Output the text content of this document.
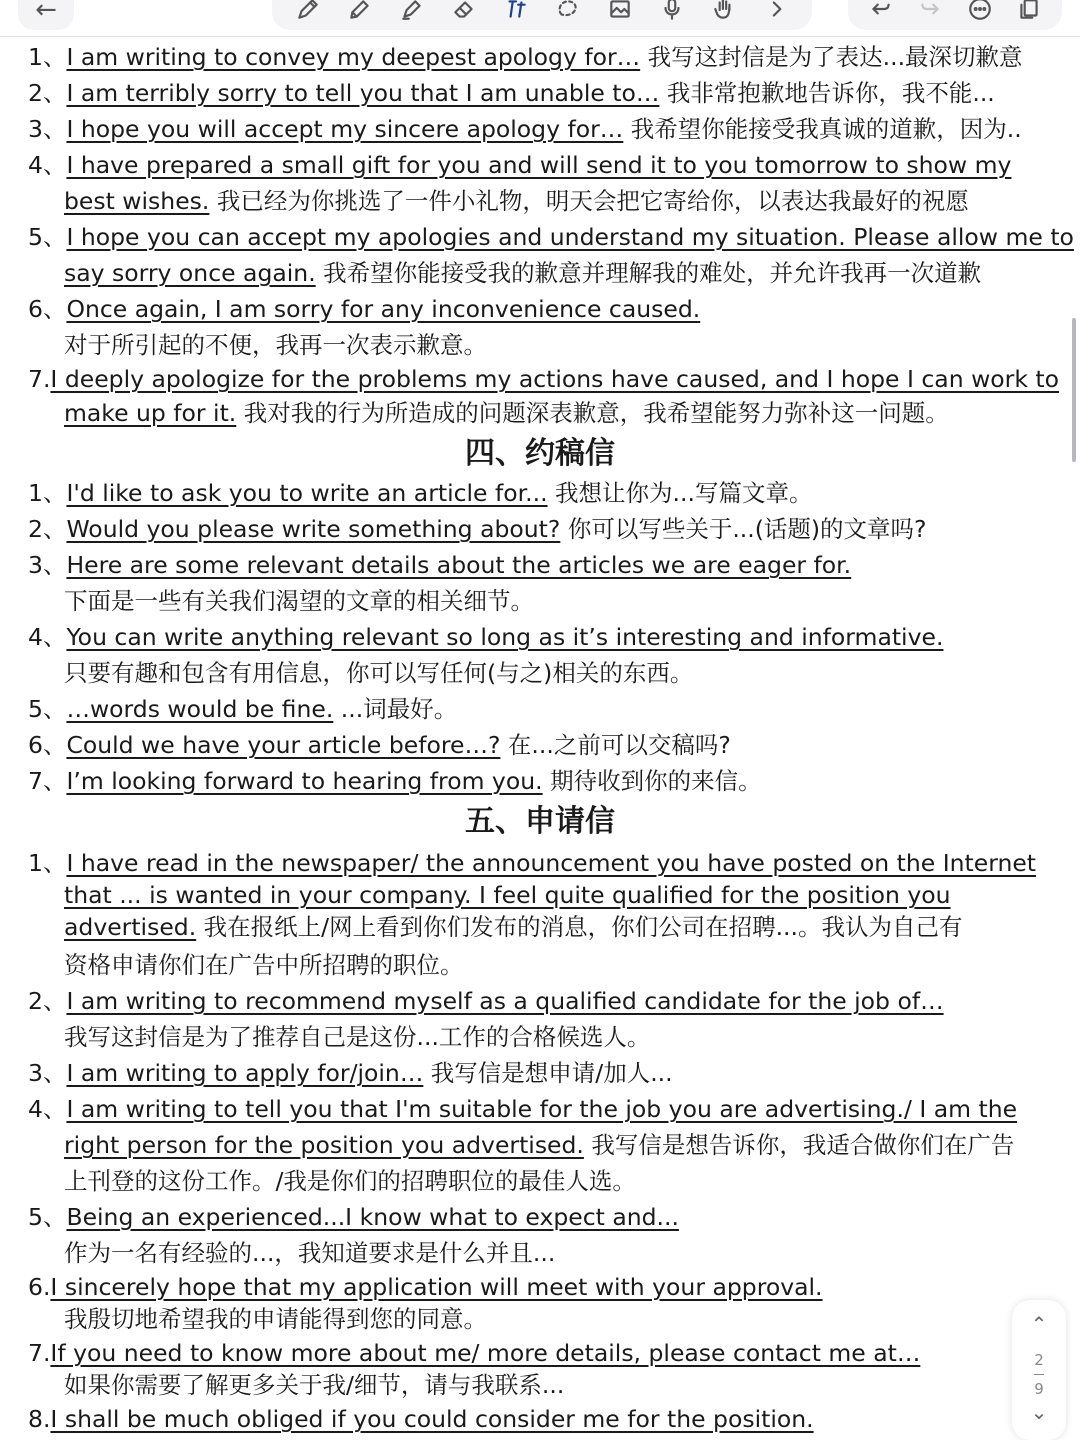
←
1、I am writing to convey my deepest apology for… 我写这封信是为了表达...最深切歉意
2、I am terribly sorry to tell you that I am unable to… 我非常抱歉地告诉你，我不能...
3、I hope you will accept my sincere apology for… 我希望你能接受我真诚的道歉，因为..
4、I have prepared a small gift for you and will send it to you tomorrow to show my
best wishes. 我已经为你挑选了一件小礼物，明天会把它寄给你，以表达我最好的祝愿
5、I hope you can accept my apologies and understand my situation. Please allow me to
say sorry once again. 我希望你能接受我的歉意并理解我的难处，并允许我再一次道歉
6、Once again, I am sorry for any inconvenience caused.
对于所引起的不便，我再一次表示歉意。
7.I deeply apologize for the problems my actions have caused, and I hope I can work to
make up for it. 我对我的行为所造成的问题深表歉意，我希望能努力弥补这一问题。
1、I'd like to ask you to write an article for... 我想让你为...写篇文章。
2、Would you please write something about? 你可以写些关于...(话题)的文章吗?
3、Here are some relevant details about the articles we are eager for.
下面是一些有关我们渴望的文章的相关细节。
4、You can write anything relevant so long as it’s interesting and informative.
只要有趣和包含有用信息，你可以写任何(与之)相关的东西。
5、…words would be fine. ...词最好。
6、Could we have your article before…? 在...之前可以交稿吗?
7、I’m looking forward to hearing from you. 期待收到你的来信。
1、I have read in the newspaper/ the announcement you have posted on the Internet
that ... is wanted in your company. I feel quite qualified for the position you
advertised. 我在报纸上/网上看到你们发布的消息，你们公司在招聘...。我认为自己有
资格申请你们在广告中所招聘的职位。
2、I am writing to recommend myself as a qualified candidate for the job of…
我写这封信是为了推荐自己是这份...工作的合格候选人。
3、I am writing to apply for/join… 我写信是想申请/加人...
4、I am writing to tell you that I'm suitable for the job you are advertising./ I am the
right person for the position you advertised. 我写信是想告诉你，我适合做你们在广告
上刊登的这份工作。/我是你们的招聘职位的最佳人选。
5、Being an experienced...I know what to expect and...
作为一名有经验的...，我知道要求是什么并且...
6.I sincerely hope that my application will meet with your approval.
我殷切地希望我的申请能得到您的同意。
7.If you need to know more about me/ more details, please contact me at…
如果你需要了解更多关于我/细节，请与我联系...
8.I shall be much obliged if you could consider me for the position.
四、约稿信
五、申请信
⌃
2
9
⌄
